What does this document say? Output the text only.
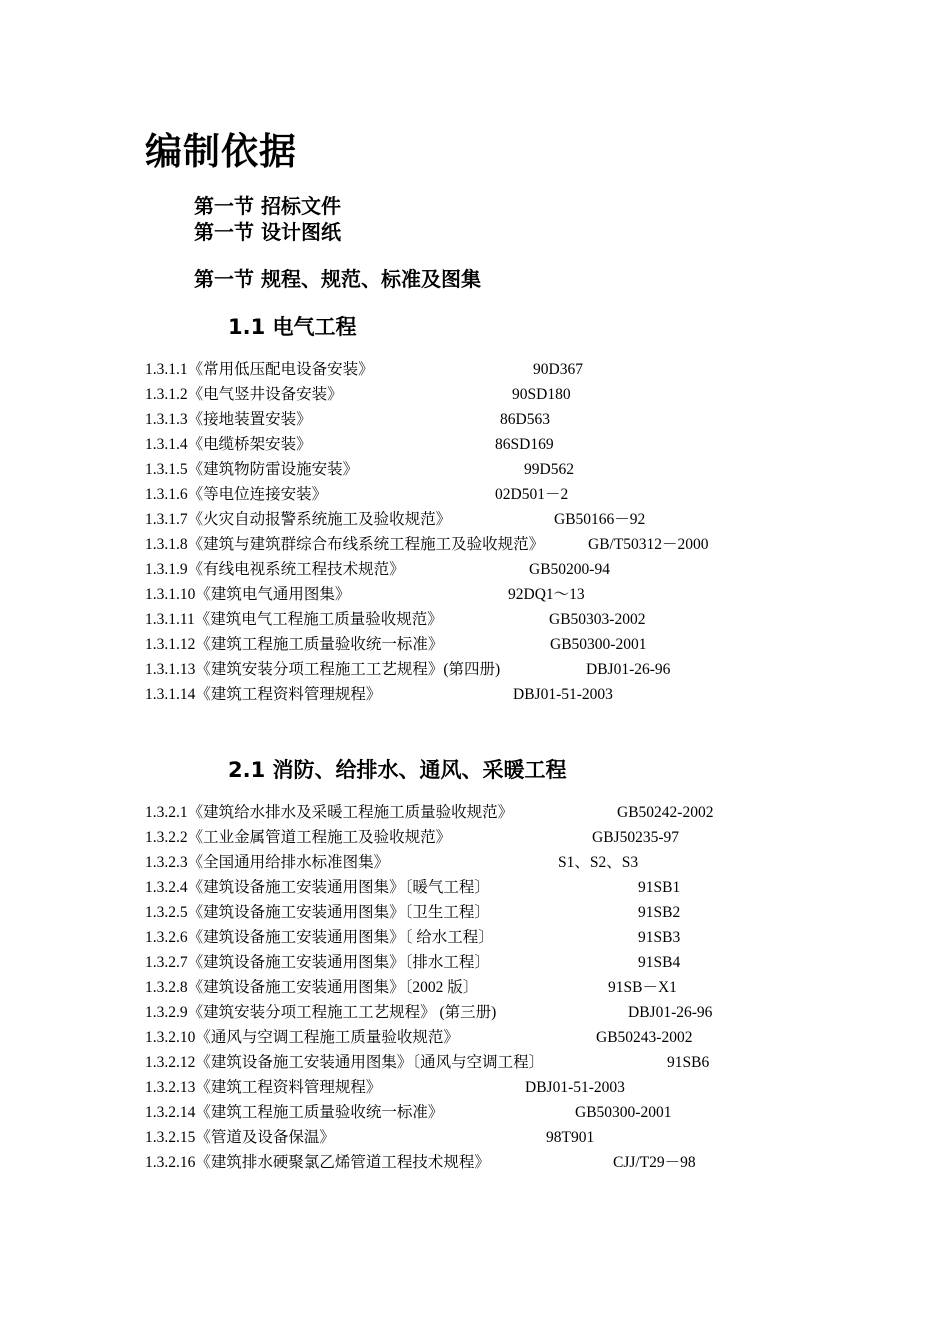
编制依据
第一节 招标文件
第一节 设计图纸
第一节 规程、规范、标准及图集
1.1 电气工程
1.3.1.1《常用低压配电设备安装》	90D367
1.3.1.2《电气竖井设备安装》	90SD180
1.3.1.3《接地装置安装》	86D563
1.3.1.4《电缆桥架安装》	86SD169
1.3.1.5《建筑物防雷设施安装》	99D562
1.3.1.6《等电位连接安装》	02D501－2
1.3.1.7《火灾自动报警系统施工及验收规范》	GB50166－92
1.3.1.8《建筑与建筑群综合布线系统工程施工及验收规范》	GB/T50312－2000
1.3.1.9《有线电视系统工程技术规范》	GB50200-94
1.3.1.10《建筑电气通用图集》	92DQ1～13
1.3.1.11《建筑电气工程施工质量验收规范》	GB50303-2002
1.3.1.12《建筑工程施工质量验收统一标准》	GB50300-2001
1.3.1.13《建筑安装分项工程施工工艺规程》(第四册)	DBJ01-26-96
1.3.1.14《建筑工程资料管理规程》	DBJ01-51-2003
2.1 消防、给排水、通风、采暖工程
1.3.2.1《建筑给水排水及采暖工程施工质量验收规范》	GB50242-2002
1.3.2.2《工业金属管道工程施工及验收规范》	GBJ50235-97
1.3.2.3《全国通用给排水标准图集》	S1、S2、S3
1.3.2.4《建筑设备施工安装通用图集》〔暖气工程〕	91SB1
1.3.2.5《建筑设备施工安装通用图集》〔卫生工程〕	91SB2
1.3.2.6《建筑设备施工安装通用图集》〔 给水工程〕	91SB3
1.3.2.7《建筑设备施工安装通用图集》〔排水工程〕	91SB4
1.3.2.8《建筑设备施工安装通用图集》〔2002 版〕	91SB－X1
1.3.2.9《建筑安装分项工程施工工艺规程》 (第三册)	DBJ01-26-96
1.3.2.10《通风与空调工程施工质量验收规范》	GB50243-2002
1.3.2.12《建筑设备施工安装通用图集》〔通风与空调工程〕	91SB6
1.3.2.13《建筑工程资料管理规程》	DBJ01-51-2003
1.3.2.14《建筑工程施工质量验收统一标准》	GB50300-2001
1.3.2.15《管道及设备保温》	98T901
1.3.2.16《建筑排水硬聚氯乙烯管道工程技术规程》	CJJ/T29－98
